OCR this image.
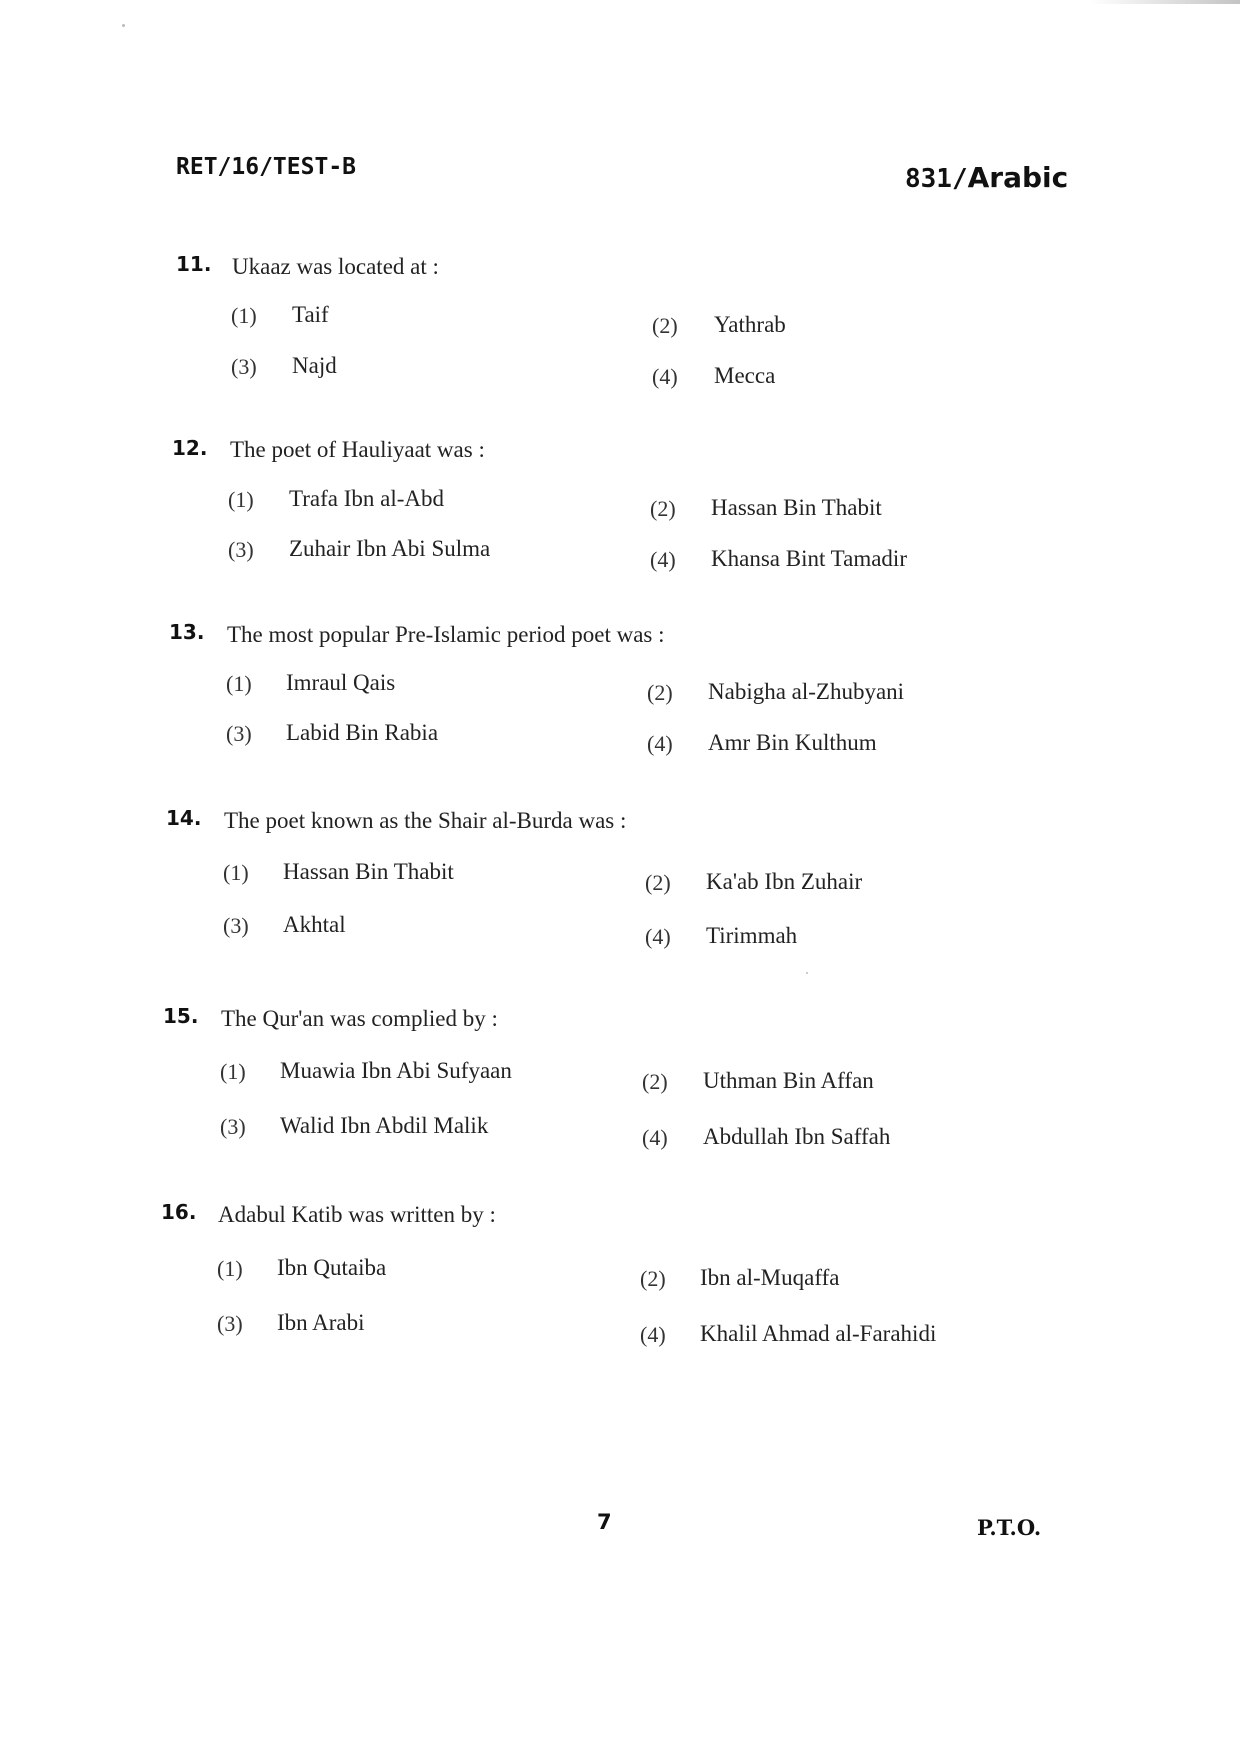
RET/16/TEST-B	831/Arabic
11. Ukaaz was located at :
(1) Taif	(2) Yathrab
(3) Najd	(4) Mecca
12. The poet of Hauliyaat was :
(1) Trafa Ibn al-Abd	(2) Hassan Bin Thabit
(3) Zuhair Ibn Abi Sulma	(4) Khansa Bint Tamadir
13. The most popular Pre-Islamic period poet was :
(1) Imraul Qais	(2) Nabigha al-Zhubyani
(3) Labid Bin Rabia	(4) Amr Bin Kulthum
14. The poet known as the Shair al-Burda was :
(1) Hassan Bin Thabit	(2) Ka'ab Ibn Zuhair
(3) Akhtal	(4) Tirimmah
15. The Qur'an was complied by :
(1) Muawia Ibn Abi Sufyaan	(2) Uthman Bin Affan
(3) Walid Ibn Abdil Malik	(4) Abdullah Ibn Saffah
16. Adabul Katib was written by :
(1) Ibn Qutaiba	(2) Ibn al-Muqaffa
(3) Ibn Arabi	(4) Khalil Ahmad al-Farahidi
7	P.T.O.
